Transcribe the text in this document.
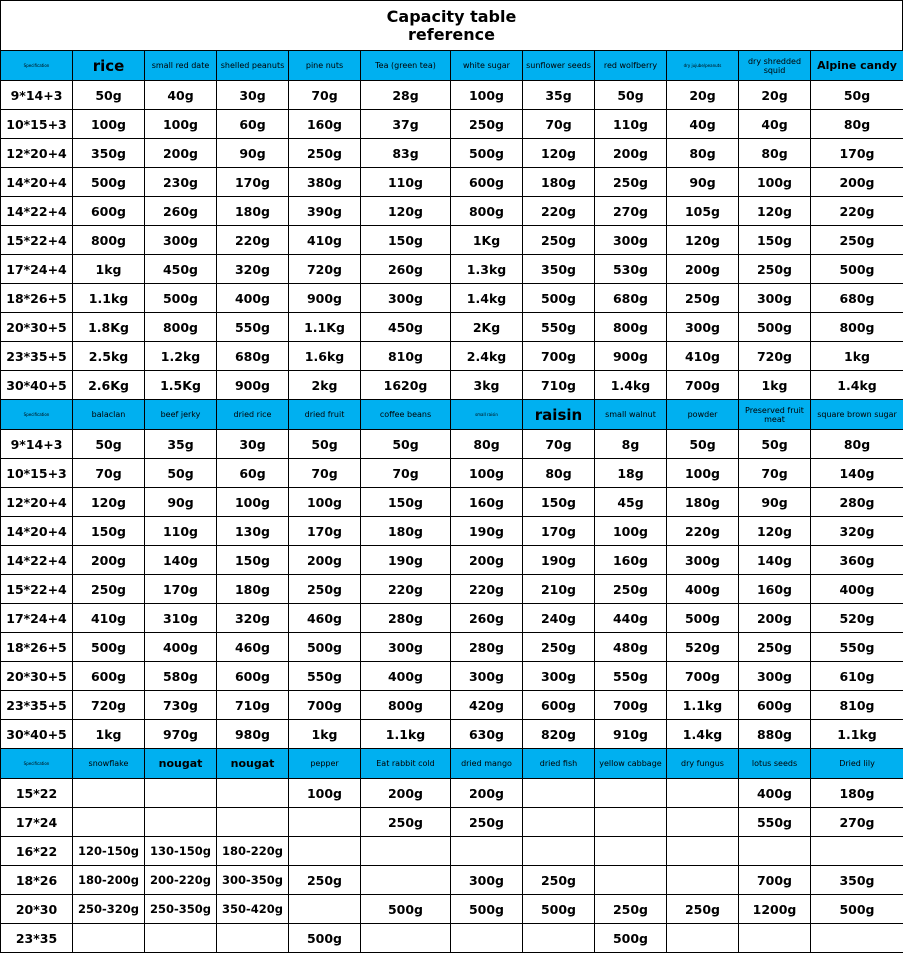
Capacity table
reference
Specification	rice	small red date	shelled peanuts	pine nuts	Tea (green tea)	white sugar	sunflower seeds	red wolfberry	dry jujube/peanuts	dry shredded squid	Alpine candy
9*14+3	50g	40g	30g	70g	28g	100g	35g	50g	20g	20g	50g
10*15+3	100g	100g	60g	160g	37g	250g	70g	110g	40g	40g	80g
12*20+4	350g	200g	90g	250g	83g	500g	120g	200g	80g	80g	170g
14*20+4	500g	230g	170g	380g	110g	600g	180g	250g	90g	100g	200g
14*22+4	600g	260g	180g	390g	120g	800g	220g	270g	105g	120g	220g
15*22+4	800g	300g	220g	410g	150g	1Kg	250g	300g	120g	150g	250g
17*24+4	1kg	450g	320g	720g	260g	1.3kg	350g	530g	200g	250g	500g
18*26+5	1.1kg	500g	400g	900g	300g	1.4kg	500g	680g	250g	300g	680g
20*30+5	1.8Kg	800g	550g	1.1Kg	450g	2Kg	550g	800g	300g	500g	800g
23*35+5	2.5kg	1.2kg	680g	1.6kg	810g	2.4kg	700g	900g	410g	720g	1kg
30*40+5	2.6Kg	1.5Kg	900g	2kg	1620g	3kg	710g	1.4kg	700g	1kg	1.4kg
Specification	balaclan	beef jerky	dried rice	dried fruit	coffee beans	small raisin	raisin	small walnut	powder	Preserved fruit meat	square brown sugar
9*14+3	50g	35g	30g	50g	50g	80g	70g	8g	50g	50g	80g
10*15+3	70g	50g	60g	70g	70g	100g	80g	18g	100g	70g	140g
12*20+4	120g	90g	100g	100g	150g	160g	150g	45g	180g	90g	280g
14*20+4	150g	110g	130g	170g	180g	190g	170g	100g	220g	120g	320g
14*22+4	200g	140g	150g	200g	190g	200g	190g	160g	300g	140g	360g
15*22+4	250g	170g	180g	250g	220g	220g	210g	250g	400g	160g	400g
17*24+4	410g	310g	320g	460g	280g	260g	240g	440g	500g	200g	520g
18*26+5	500g	400g	460g	500g	300g	280g	250g	480g	520g	250g	550g
20*30+5	600g	580g	600g	550g	400g	300g	300g	550g	700g	300g	610g
23*35+5	720g	730g	710g	700g	800g	420g	600g	700g	1.1kg	600g	810g
30*40+5	1kg	970g	980g	1kg	1.1kg	630g	820g	910g	1.4kg	880g	1.1kg
Specification	snowflake	nougat	nougat	pepper	Eat rabbit cold	dried mango	dried fish	yellow cabbage	dry fungus	lotus seeds	Dried lily
15*22				100g	200g	200g				400g	180g
17*24					250g	250g				550g	270g
16*22	120-150g	130-150g	180-220g								
18*26	180-200g	200-220g	300-350g	250g		300g	250g			700g	350g
20*30	250-320g	250-350g	350-420g		500g	500g	500g	250g	250g	1200g	500g
23*35				500g				500g			
